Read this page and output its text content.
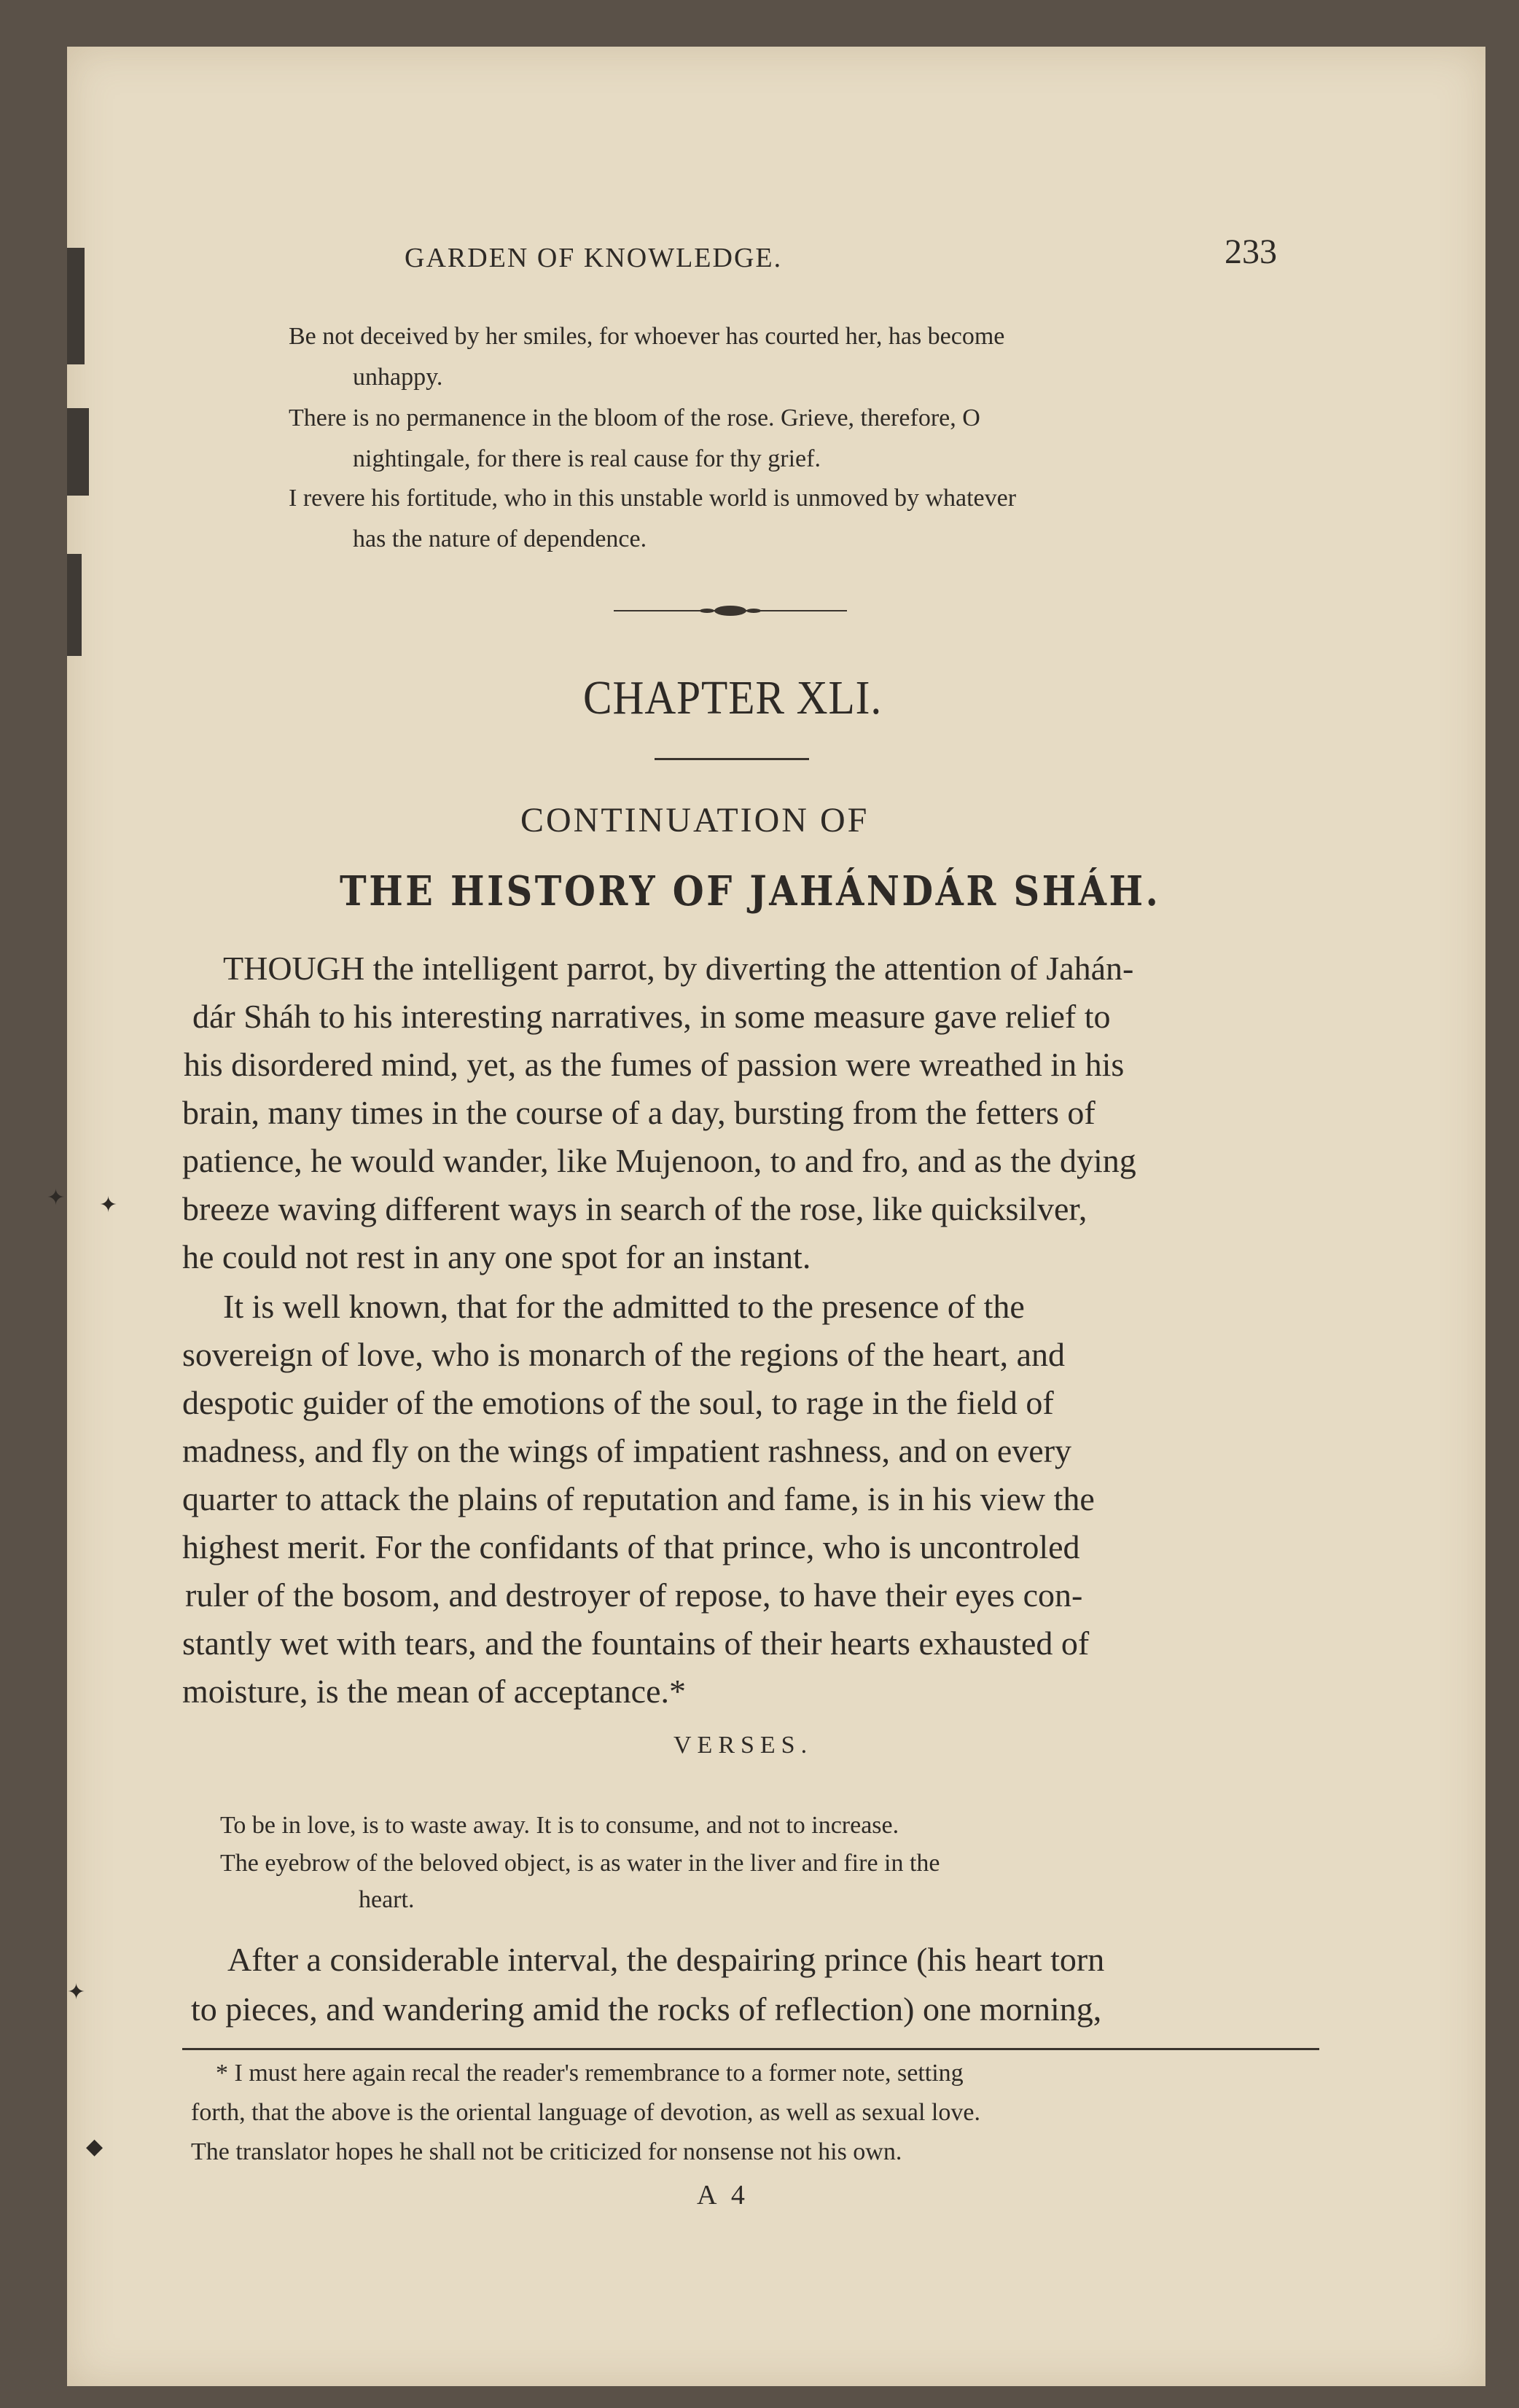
GARDEN OF KNOWLEDGE.	233
Be not deceived by her smiles, for whoever has courted her, has become
unhappy.
There is no permanence in the bloom of the rose. Grieve, therefore, O
nightingale, for there is real cause for thy grief.
I revere his fortitude, who in this unstable world is unmoved by whatever
has the nature of dependence.
CHAPTER XLI.
CONTINUATION OF
THE HISTORY OF JAHÁNDÁR SHÁH.
THOUGH the intelligent parrot, by diverting the attention of Jahán-
dár Sháh to his interesting narratives, in some measure gave relief to
his disordered mind, yet, as the fumes of passion were wreathed in his
brain, many times in the course of a day, bursting from the fetters of
patience, he would wander, like Mujenoon, to and fro, and as the dying
breeze waving different ways in search of the rose, like quicksilver,
he could not rest in any one spot for an instant.
It is well known, that for the admitted to the presence of the
sovereign of love, who is monarch of the regions of the heart, and
despotic guider of the emotions of the soul, to rage in the field of
madness, and fly on the wings of impatient rashness, and on every
quarter to attack the plains of reputation and fame, is in his view the
highest merit. For the confidants of that prince, who is uncontroled
ruler of the bosom, and destroyer of repose, to have their eyes con-
stantly wet with tears, and the fountains of their hearts exhausted of
moisture, is the mean of acceptance.*
VERSES.
To be in love, is to waste away. It is to consume, and not to increase.
The eyebrow of the beloved object, is as water in the liver and fire in the
heart.
After a considerable interval, the despairing prince (his heart torn
to pieces, and wandering amid the rocks of reflection) one morning,
* I must here again recal the reader's remembrance to a former note, setting
forth, that the above is the oriental language of devotion, as well as sexual love.
The translator hopes he shall not be criticized for nonsense not his own.
A 4
✦ ✦
✦
◆
